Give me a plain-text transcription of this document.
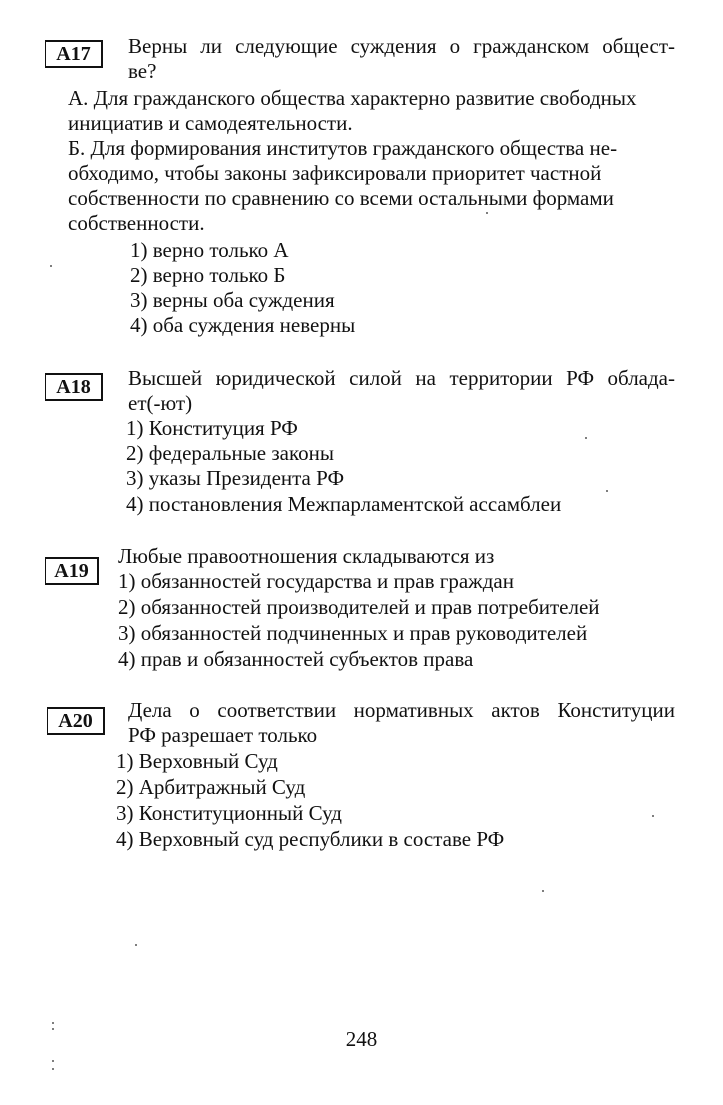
A17	Верны ли следующие суждения о гражданском общест-
ве?
А. Для гражданского общества характерно развитие свободных
инициатив и самодеятельности.
Б. Для формирования институтов гражданского общества не-
обходимо, чтобы законы зафиксировали приоритет частной
собственности по сравнению со всеми остальными формами
собственности.
1) верно только А
2) верно только Б
3) верны оба суждения
4) оба суждения неверны
A18	Высшей юридической силой на территории РФ облада-
ет(-ют)
1) Конституция РФ
2) федеральные законы
3) указы Президента РФ
4) постановления Межпарламентской ассамблеи
A19
Любые правоотношения складываются из
1) обязанностей государства и прав граждан
2) обязанностей производителей и прав потребителей
3) обязанностей подчиненных и прав руководителей
4) прав и обязанностей субъектов права
A20	Дела о соответствии нормативных актов Конституции
РФ разрешает только
1) Верховный Суд
2) Арбитражный Суд
3) Конституционный Суд
4) Верховный суд республики в составе РФ
248
